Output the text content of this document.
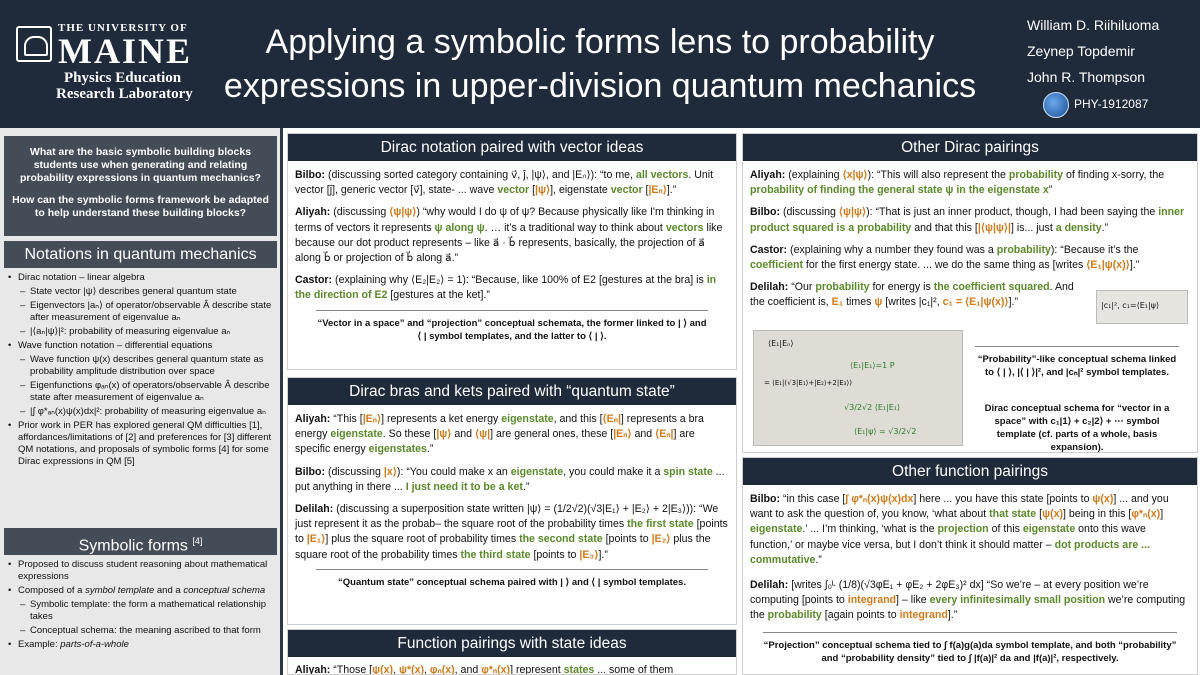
THE UNIVERSITY OF
MAINE
Physics Education
Research Laboratory
Applying a symbolic forms lens to probability
expressions in upper-division quantum mechanics
William D. Riihiluoma
Zeynep Topdemir
John R. Thompson
PHY-1912087

What are the basic symbolic building blocks students use when generating and relating probability expressions in quantum mechanics?

How can the symbolic forms framework be adapted to help understand these building blocks?

Notations in quantum mechanics
• Dirac notation – linear algebra
– State vector |ψ⟩ describes general quantum state
– Eigenvectors |aₙ⟩ of operator/observable Â describe state after measurement of eigenvalue aₙ
– |⟨aₙ|ψ⟩|²: probability of measuring eigenvalue aₙ
• Wave function notation – differential equations
– Wave function ψ(x) describes general quantum state as probability amplitude distribution over space
– Eigenfunctions φₐₙ(x) of operators/observable Â describe state after measurement of eigenvalue aₙ
– |∫ φ*ₐₙ(x)ψ(x)dx|²: probability of measuring eigenvalue aₙ
• Prior work in PER has explored general QM difficulties [1], affordances/limitations of [2] and preferences for [3] different QM notations, and proposals of symbolic forms [4] for some Dirac expressions in QM [5]
Symbolic forms [4]
• Proposed to discuss student reasoning about mathematical expressions
• Composed of a symbol template and a conceptual schema
– Symbolic template: the form a mathematical relationship takes
– Conceptual schema: the meaning ascribed to that form
• Example: parts-of-a-whole
Dirac notation paired with vector ideas

Bilbo: (discussing sorted category containing v⃗, ĵ, |ψ⟩, and |Eₙ⟩): “to me, all vectors. Unit vector [ĵ], generic vector [v⃗], state- ... wave vector [|ψ⟩], eigenstate vector [|Eₙ⟩].”

Aliyah: (discussing ⟨ψ|ψ⟩) “why would I do ψ of ψ? Because physically like I'm thinking in terms of vectors it represents ψ along ψ. … it’s a traditional way to think about vectors like because our dot product represents – like a⃗ · b⃗ represents, basically, the projection of a⃗ along b⃗ or projection of b⃗ along a⃗.”

Castor: (explaining why ⟨E₂|E₂⟩ = 1): “Because, like 100% of E2 [gestures at the bra] is in the direction of E2 [gestures at the ket].”

“Vector in a space” and “projection” conceptual schemata, the former linked to | ⟩ and ⟨ | symbol templates, and the latter to ⟨ | ⟩.
Dirac bras and kets paired with “quantum state”

Aliyah: “This [|Eₙ⟩] represents a ket energy eigenstate, and this [⟨Eₙ|] represents a bra energy eigenstate. So these [|ψ⟩ and ⟨ψ|] are general ones, these [|Eₙ⟩ and ⟨Eₙ|] are specific energy eigenstates.”

Bilbo: (discussing |x⟩): “You could make x an eigenstate, you could make it a spin state ... put anything in there ... I just need it to be a ket.”

Delilah: (discussing a superposition state written |ψ⟩ = (1/2√2)(√3|E₁⟩ + |E₂⟩ + 2|E₃⟩)): “We just represent it as the probab– the square root of the probability times the first state [points to |E₁⟩] plus the square root of probability times the second state [points to |E₂⟩ plus the square root of the probability times the third state [points to |E₃⟩].”

“Quantum state” conceptual schema paired with | ⟩ and ⟨ | symbol templates.
Function pairings with state ideas

Aliyah: “Those [ψ(x), ψ*(x), φₙ(x), and φ*ₙ(x)] represent states ... some of them

Other Dirac pairings

Aliyah: (explaining ⟨x|ψ⟩): “This will also represent the probability of finding x-sorry, the probability of finding the general state ψ in the eigenstate x”

Bilbo: (discussing ⟨ψ|ψ⟩): “That is just an inner product, though, I had been saying the inner product squared is a probability and that this [|⟨ψ|ψ⟩|] is... just a density.”

Castor: (explaining why a number they found was a probability): “Because it’s the coefficient for the first energy state. ... we do the same thing as [writes ⟨E₁|ψ(x)⟩].”

Delilah: “Our probability for energy is the coefficient squared. And the coefficient is, E₁ times ψ [writes |c₁|², c₁ = ⟨E₁|ψ(x)⟩].”

“Probability”-like conceptual schema linked to ⟨ | ⟩, |⟨ | ⟩|², and |cₙ|² symbol templates.
Dirac conceptual schema for “vector in a space” with c₁|1⟩ + c₂|2⟩ + ⋯ symbol template (cf. parts of a whole, basis expansion).
|c₁|², c₁=⟨E₁|ψ⟩
⟨E₁|Eₙ⟩
= ⟨E₁|(√3|E₁⟩+|E₂⟩+2|E₃⟩)
⟨E₁|E₁⟩=1 P
√3/2√2 ⟨E₁|E₁⟩
⟨E₁|ψ⟩ = √3/2√2
Other function pairings

Bilbo: “in this case [∫ φ*ₙ(x)ψ(x)dx] here ... you have this state [points to ψ(x)] ... and you want to ask the question of, you know, ‘what about that state [ψ(x)] being in this [φ*ₙ(x)] eigenstate.’ ... I’m thinking, ‘what is the projection of this eigenstate onto this wave function,’ or maybe vice versa, but I don’t think it should matter – dot products are ... commutative.”

Delilah: [writes ∫₀ᴸ (1/8)(√3φE₁ + φE₂ + 2φE₃)² dx] “So we’re – at every position we’re computing [points to integrand] – like every infinitesimally small position we’re computing the probability [again points to integrand].”

“Projection” conceptual schema tied to ∫ f(a)g(a)da symbol template, and both “probability” and “probability density” tied to ∫ |f(a)|² da and |f(a)|², respectively.
